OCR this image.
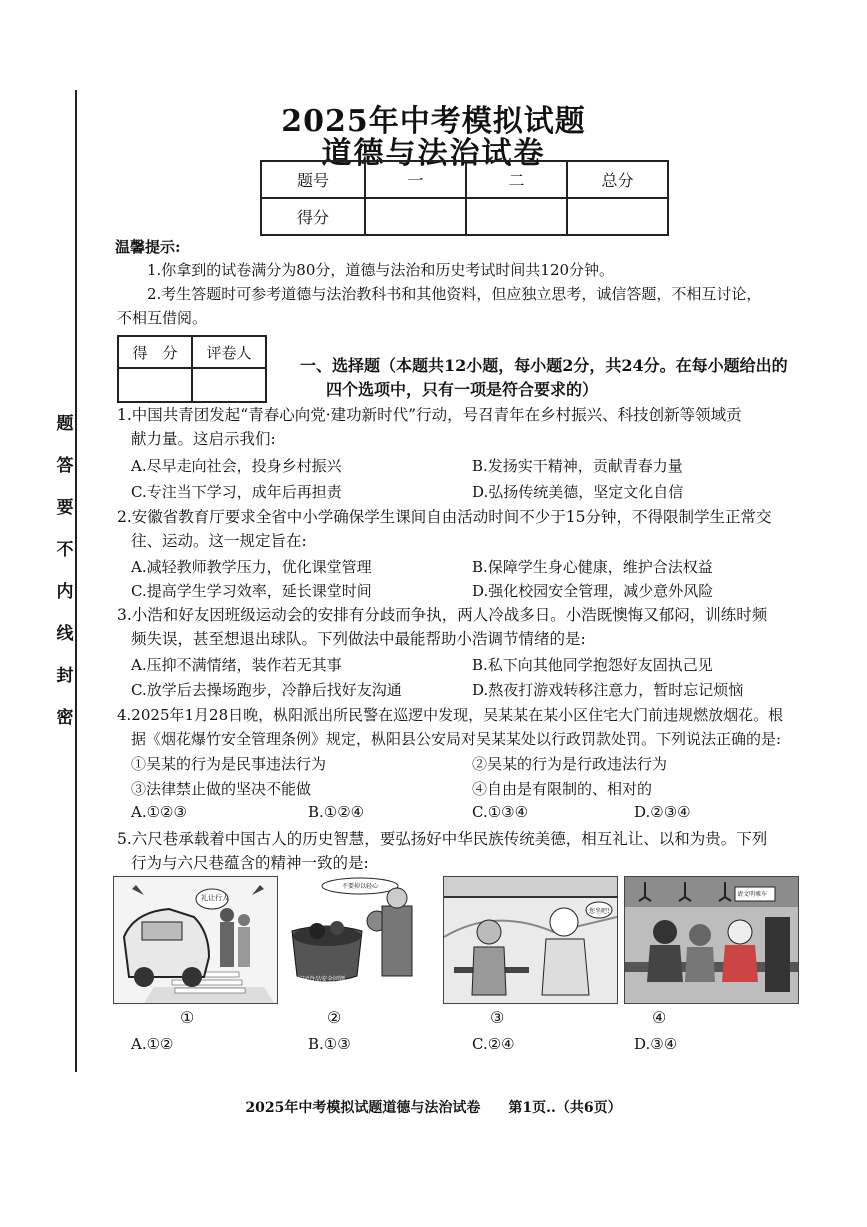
题
答
要
不
内
线
封
密
2025年中考模拟试题
道德与法治试卷
题号	一	二	总分
得分			
温馨提示:
1.你拿到的试卷满分为80分，道德与法治和历史考试时间共120分钟。
2.考生答题时可参考道德与法治教科书和其他资料，但应独立思考，诚信答题，不相互讨论，
不相互借阅。
得　分	评卷人

一、选择题（本题共12小题，每小题2分，共24分。在每小题给出的
四个选项中，只有一项是符合要求的）
1.中国共青团发起“青春心向党·建功新时代”行动，号召青年在乡村振兴、科技创新等领域贡
献力量。这启示我们:
A.尽早走向社会，投身乡村振兴	B.发扬实干精神，贡献青春力量
C.专注当下学习，成年后再担责	D.弘扬传统美德，坚定文化自信
2.安徽省教育厅要求全省中小学确保学生课间自由活动时间不少于15分钟，不得限制学生正常交
往、运动。这一规定旨在:
A.减轻教师教学压力，优化课堂管理	B.保障学生身心健康，维护合法权益
C.提高学生学习效率，延长课堂时间	D.强化校园安全管理，减少意外风险
3.小浩和好友因班级运动会的安排有分歧而争执，两人冷战多日。小浩既懊悔又郁闷，训练时频
频失误，甚至想退出球队。下列做法中最能帮助小浩调节情绪的是:
A.压抑不满情绪，装作若无其事	B.私下向其他同学抱怨好友固执己见
C.放学后去操场跑步，冷静后找好友沟通	D.熬夜打游戏转移注意力，暂时忘记烦恼
4.2025年1月28日晚，枞阳派出所民警在巡逻中发现，吴某某在某小区住宅大门前违规燃放烟花。根
据《烟花爆竹安全管理条例》规定，枞阳县公安局对吴某某处以行政罚款处罚。下列说法正确的是:
①吴某的行为是民事违法行为	②吴某的行为是行政违法行为
③法律禁止做的坚决不能做	④自由是有限制的、相对的
A.①②③	B.①②④	C.①③④	D.②③④
5.六尺巷承载着中国古人的历史智慧，要弘扬好中华民族传统美德，相互礼让、以和为贵。下列
行为与六尺巷蕴含的精神一致的是:
礼让行人
不要掉以轻心
校园食品安全问题
您坐吧!
请文明乘车
①	②	③	④
A.①②	B.①③	C.②④	D.③④
2025年中考模拟试题道德与法治试卷　　第1页..（共6页）
